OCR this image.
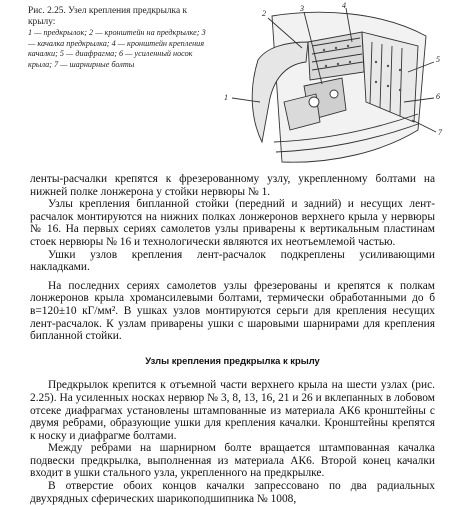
Рис. 2.25. Узел крепления предкрылка к крылу:
1 — предкрылок; 2 — кронштейн на предкрылке; 3 — качалка предкрылка; 4 — кронштейн крепления качалки; 5 — диафрагма; 6 — усиленный носок крыла; 7 — шарнирные болты
1
2
3	4
5
6
7

ленты-расчалки крепятся к фрезерованному узлу, укрепленному болтами на нижней полке лонжерона у стойки нервюры № 1.

Узлы крепления бипланной стойки (передний и задний) и несущих лент-расчалок монтируются на нижних полках лонжеронов верхнего крыла у нервюры № 16. На первых сериях самолетов узлы приварены к вертикальным пластинам стоек нервюры № 16 и технологически являются их неотъемлемой частью.

Ушки узлов крепления лент-расчалок подкреплены усиливающими накладками.

На последних сериях самолетов узлы фрезерованы и крепятся к полкам лонжеронов крыла хромансилевыми болтами, термически обработанными до б в=120±10 кГ/мм². В ушках узлов монтируются серьги для крепления несущих лент-расчалок. К узлам приварены ушки с шаровыми шарнирами для крепления бипланной стойки.

Узлы крепления предкрылка к крылу

Предкрылок крепится к отъемной части верхнего крыла на шести узлах (рис. 2.25). На усиленных носках нервюр № 3, 8, 13, 16, 21 и 26 и вклепанных в лобовом отсеке диафрагмах установлены штампованные из материала АК6 кронштейны с двумя ребрами, образующие ушки для крепления качалки. Кронштейны крепятся к носку и диафрагме болтами.

Между ребрами на шарнирном болте вращается штампованная качалка подвески предкрылка, выполненная из материала АК6. Второй конец качалки входит в ушки стального узла, укрепленного на предкрылке.

В отверстие обоих концов качалки запрессовано по два радиальных двухрядных сферических шарикоподшипника № 1008,
